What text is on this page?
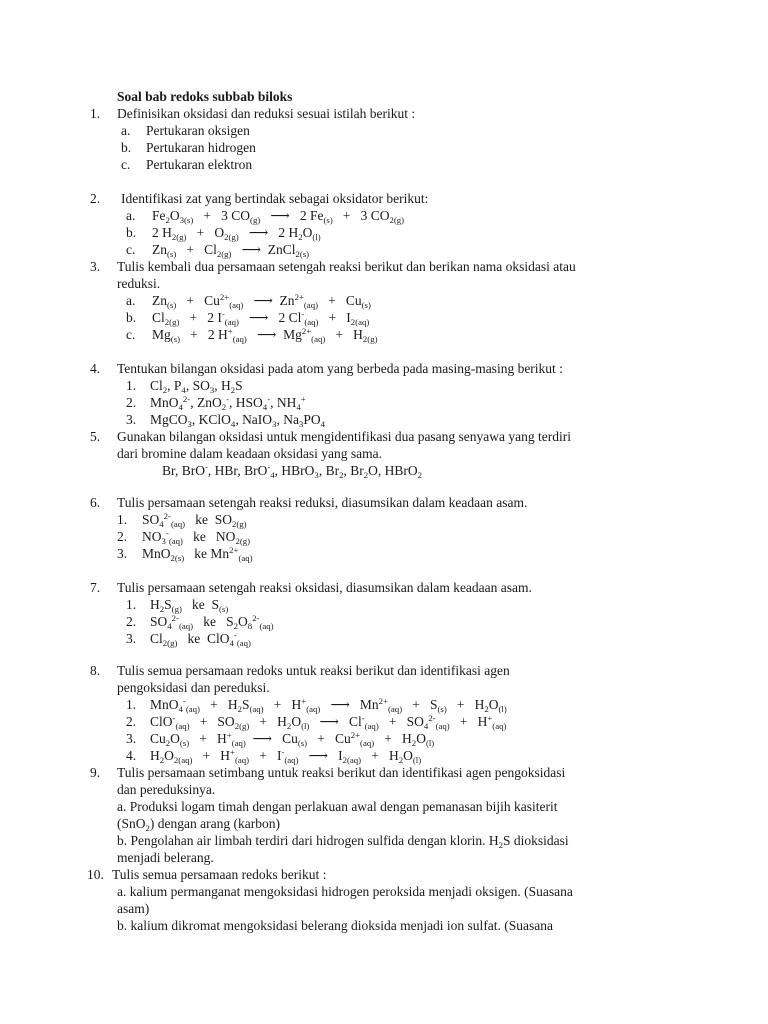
Soal bab redoks subbab biloks
1. Definisikan oksidasi dan reduksi sesuai istilah berikut :
a. Pertukaran oksigen
b. Pertukaran hidrogen
c. Pertukaran elektron
2. Identifikasi zat yang bertindak sebagai oksidator berikut:
a. $Fe_2O_{3(s)} + 3$ $CO_{(g)}$   ⟶   2 $Fe_{(s)} + 3$ $CO_{2(g)}$
b. 2 $H_{2(g)} + O_{2(g)}$   ⟶   2 $H_2O_{(l)}$
c. $Zn_{(s)} + Cl_{2(g)}$   ⟶  ZnCl$_{2(s)}$
3. Tulis kembali dua persamaan setengah reaksi berikut dan berikan nama oksidasi atau
reduksi.
a. $Zn_{(s)} + Cu^{2+}_{(aq)}$   ⟶  $Zn^{2+}_{(aq)} + Cu_{(s)}$
b. $Cl_{2(g)} + 2$ $I^-_{(aq)}$   ⟶   2 $Cl^-_{(aq)} + I_{2(aq)}$
c. $Mg_{(s)} + 2$ $H^+_{(aq)}$   ⟶  $Mg^{2+}_{(aq)} + H_{2(g)}$
4. Tentukan bilangan oksidasi pada atom yang berbeda pada masing-masing berikut :
1. $Cl_2$, $P_4$, $SO_3$, $H_2S$
2. MnO$_4^{2-}$, ZnO$_2$-, $HSO_4^-$, $NH_4^+$
3. MgCO$_3$, KClO$_4$, NaIO$_3$, $Na_3PO_4$
5. Gunakan bilangan oksidasi untuk mengidentifikasi dua pasang senyawa yang terdiri
dari bromine dalam keadaan oksidasi yang sama.
Br, BrO-, HBr, BrO-$_4$, HBrO$_3$, $Br_2$, $Br_2O$, HBrO$_2$
6. Tulis persamaan setengah reaksi reduksi, diasumsikan dalam keadaan asam.
1. $SO_4^{2-}_{(aq)}$   ke  $SO_{2(g)}$
2. $NO_3^-_{(aq)}$   ke   $NO_{2(g)}$
3. MnO$_{2(s)}$   ke $Mn^{2+}_{(aq)}$
7. Tulis persamaan setengah reaksi oksidasi, diasumsikan dalam keadaan asam.
1. $H_2S_{(g)}$   ke  $S_{(s)}$
2. $SO_4^{2-}_{(aq)}$   ke   $S_2O_8^{2-}_{(aq)}$
3. $Cl_{2(g)}$   ke  ClO$_4$-$_{(aq)}$
8. Tulis semua persamaan redoks untuk reaksi berikut dan identifikasi agen
pengoksidasi dan pereduksi.
1. $MnO_4^-_{(aq)} + H_2S_{(aq)} + H^+_{(aq)}$   ⟶   $Mn^{2+}_{(aq)} + S_{(s)} + H_2O_{(l)}$
2. $ClO^-_{(aq)} + SO_{2(g)} + H_2O_{(l)}$   ⟶   $Cl^-_{(aq)} + SO_4^{2-}_{(aq)} + H^+_{(aq)}$
3. $Cu_2O_{(s)} + H^+_{(aq)}$  ⟶   $Cu_{(s)} + Cu^{2+}_{(aq)} + H_2O_{(l)}$
4. $H_2O_{2(aq)} + H^+_{(aq)} + I^-_{(aq)}$   ⟶   $I_{2(aq)} + H_2O_{(l)}$
9. Tulis persamaan setimbang untuk reaksi berikut dan identifikasi agen pengoksidasi
dan pereduksinya.
a. Produksi logam timah dengan perlakuan awal dengan pemanasan bijih kasiterit
(SnO$_2$) dengan arang (karbon)
b. Pengolahan air limbah terdiri dari hidrogen sulfida dengan klorin. $H_2S$ dioksidasi
menjadi belerang.
10. Tulis semua persamaan redoks berikut :
a. kalium permanganat mengoksidasi hidrogen peroksida menjadi oksigen. (Suasana
asam)
b. kalium dikromat mengoksidasi belerang dioksida menjadi ion sulfat. (Suasana
